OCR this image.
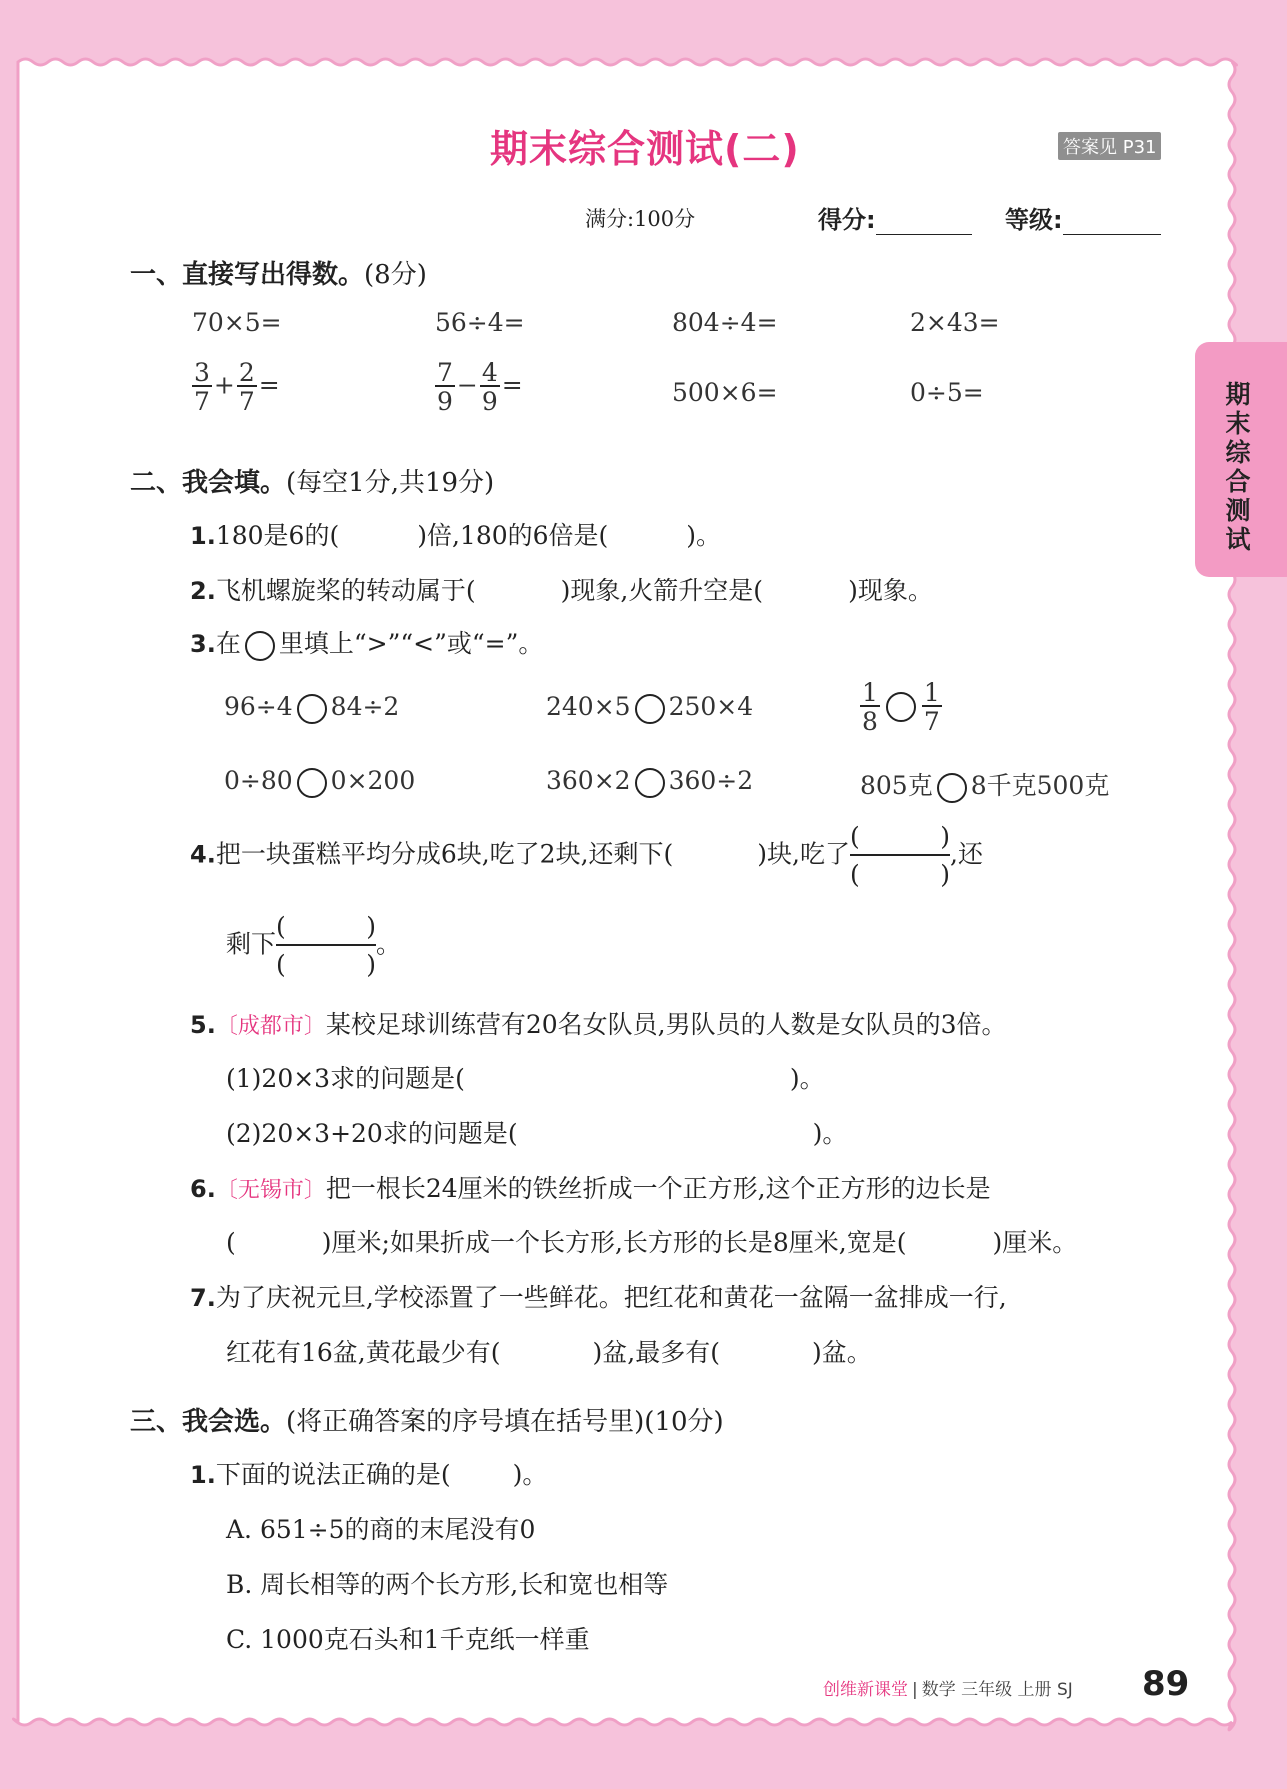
期末综合测试(二)	答案见 P31
满分:100分	得分:	等级:
期
末
综
合
测
试
一、直接写出得数。(8分)
70×5=	56÷4=	804÷4=	2×43=
$\frac{3}{7} + \frac{2}{7}$ =	$\frac{7}{9} - \frac{4}{9}$ =	500×6=	0÷5=
二、我会填。(每空1分,共19分)
1.180是6的(	)倍,180的6倍是(	)。
2.飞机螺旋桨的转动属于(	)现象,火箭升空是(	)现象。
3.在 里填上“>”“<”或“=”。
96÷4 84÷2	240×5 250×4	$\frac{1}{8} \frac{1}{7}$
0÷80 0×200	360×2 360÷2	805克 8千克500克
4.把一块蛋糕平均分成6块,吃了2块,还剩下(	)块,吃了
(	)
(	)
,还
剩下
(	)
(	)
。
5.〔成都市〕某校足球训练营有20名女队员,男队员的人数是女队员的3倍。
(1)20×3求的问题是(	)。
(2)20×3+20求的问题是(	)。
6.〔无锡市〕把一根长24厘米的铁丝折成一个正方形,这个正方形的边长是
(	)厘米;如果折成一个长方形,长方形的长是8厘米,宽是(	)厘米。
7.为了庆祝元旦,学校添置了一些鲜花。把红花和黄花一盆隔一盆排成一行,
红花有16盆,黄花最少有(	)盆,最多有(	)盆。
三、我会选。(将正确答案的序号填在括号里)(10分)
1.下面的说法正确的是( )。
A. 651÷5的商的末尾没有0
B. 周长相等的两个长方形,长和宽也相等
C. 1000克石头和1千克纸一样重
创维新课堂 | 数学 三年级 上册 SJ 89
